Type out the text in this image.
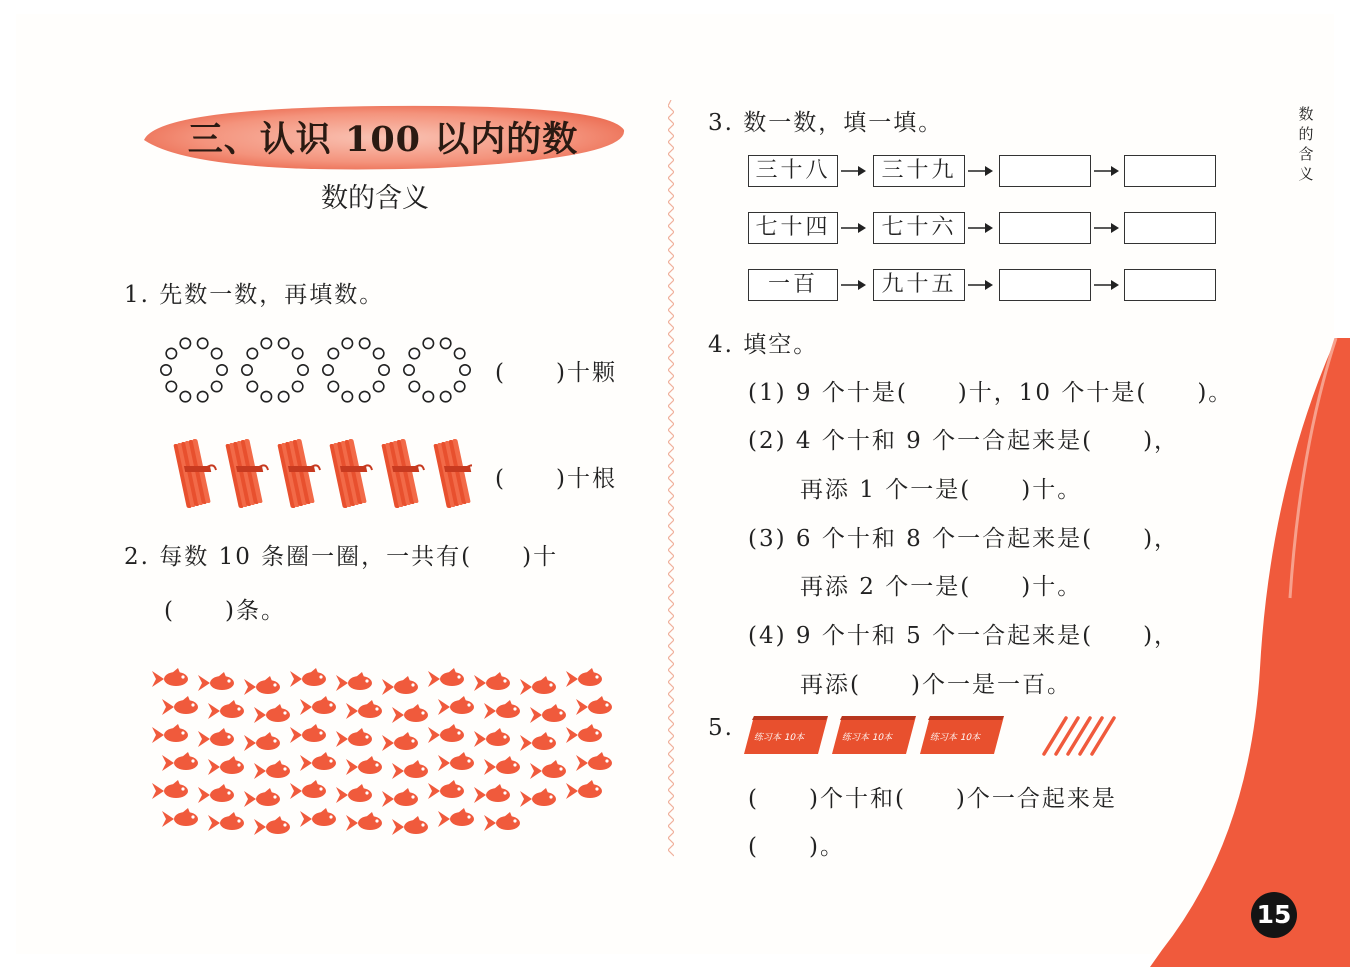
三、认识 100 以内的数
数的含义
数的含义
15
1. 先数一数，再填数。
(　　)十颗
(　　)十根
2. 每数 10 条圈一圈，一共有(　　)十
(　　)条。
3. 数一数，填一填。
三十八	三十九
七十四	七十六
一百	九十五
4. 填空。
(1) 9 个十是(　　)十，10 个十是(　　)。
(2) 4 个十和 9 个一合起来是(　　)，
再添 1 个一是(　　)十。
(3) 6 个十和 8 个一合起来是(　　)，
再添 2 个一是(　　)十。
(4) 9 个十和 5 个一合起来是(　　)，
再添(　　)个一是一百。
5. 练习本 10本	练习本 10本	练习本 10本
(　　)个十和(　　)个一合起来是
(　　)。
